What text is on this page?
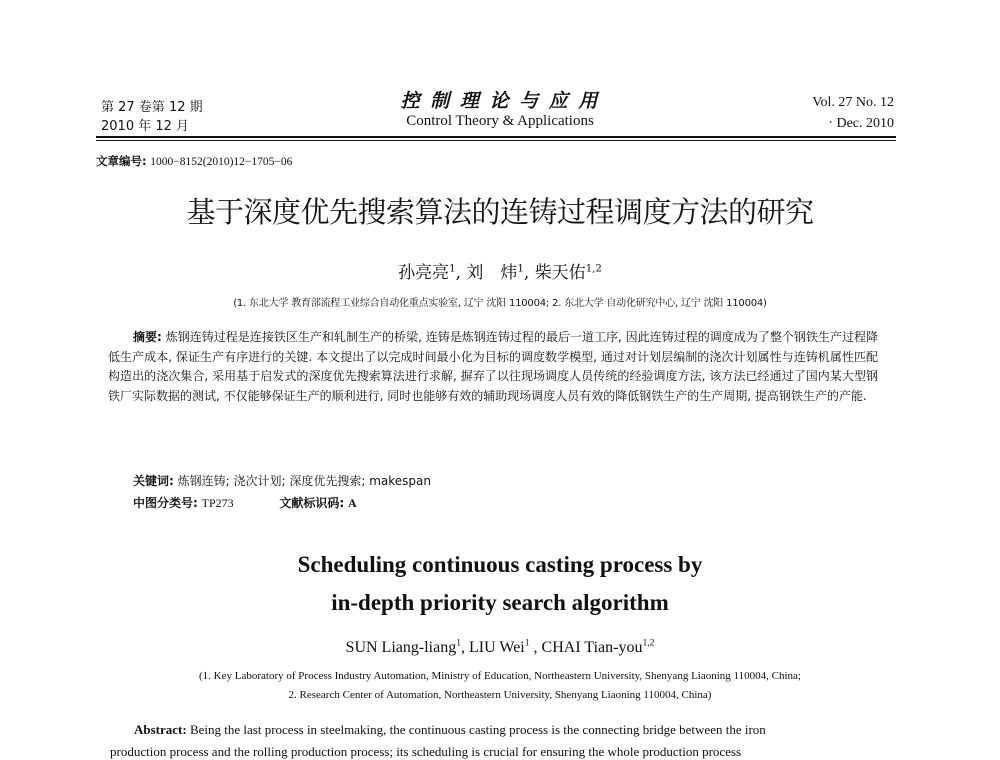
第 27 卷第 12 期
2010 年 12 月
控 制 理 论 与 应 用
Control Theory & Applications
Vol. 27 No. 12
· Dec. 2010
文章编号: 1000−8152(2010)12−1705−06
基于深度优先搜索算法的连铸过程调度方法的研究
孙亮亮$^1$, 刘　炜$^1$, 柴天佑$^{1,2}$
(1. 东北大学 教育部流程工业综合自动化重点实验室, 辽宁 沈阳 110004; 2. 东北大学 自动化研究中心, 辽宁 沈阳 110004)
摘要: 炼钢连铸过程是连接铁区生产和轧制生产的桥梁, 连铸是炼钢连铸过程的最后一道工序, 因此连铸过程的调度成为了整个钢铁生产过程降低生产成本, 保证生产有序进行的关键. 本文提出了以完成时间最小化为目标的调度数学模型, 通过对计划层编制的浇次计划属性与连铸机属性匹配构造出的浇次集合, 采用基于启发式的深度优先搜索算法进行求解, 摒弃了以往现场调度人员传统的经验调度方法, 该方法已经通过了国内某大型钢铁厂实际数据的测试, 不仅能够保证生产的顺利进行, 同时也能够有效的辅助现场调度人员有效的降低钢铁生产的生产周期, 提高钢铁生产的产能.
关键词: 炼钢连铸; 浇次计划; 深度优先搜索; makespan
中图分类号: TP273	文献标识码: A
Scheduling continuous casting process by
in-depth priority search algorithm
SUN Liang-liang$^1$, LIU Wei$^1$ , CHAI Tian-you$^{1,2}$
(1. Key Laboratory of Process Industry Automation, Ministry of Education, Northeastern University, Shenyang Liaoning 110004, China;
2. Research Center of Automation, Northeastern University, Shenyang Liaoning 110004, China)
Abstract: Being the last process in steelmaking, the continuous casting process is the connecting bridge between the iron
production process and the rolling production process; its scheduling is crucial for ensuring the whole production process
